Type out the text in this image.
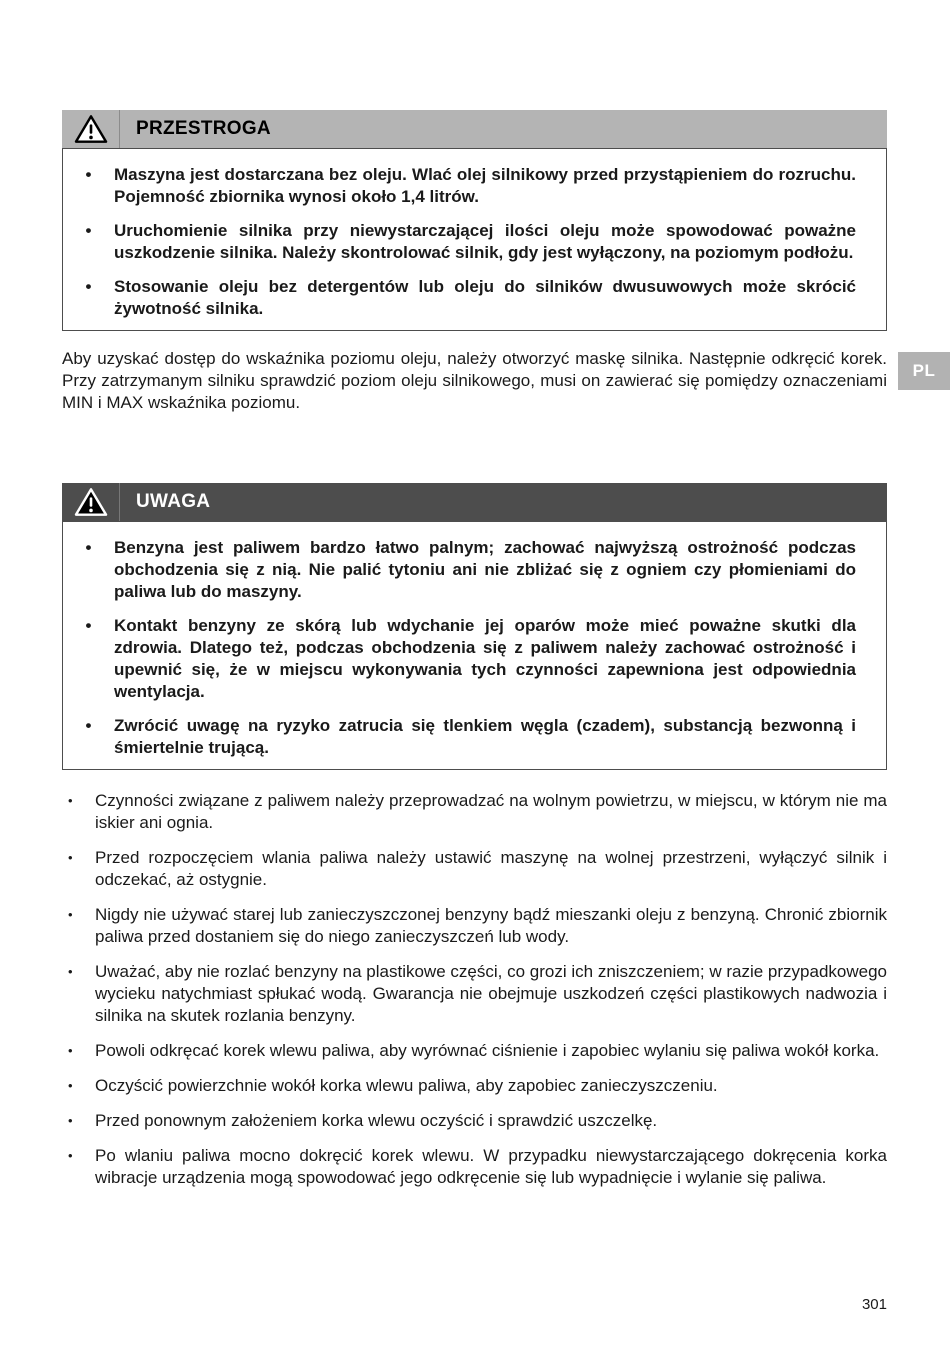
PRZESTROGA
•	Maszyna jest dostarczana bez oleju. Wlać olej silnikowy przed przystąpieniem do rozruchu. Pojemność zbiornika wynosi około 1,4 litrów.

•	Uruchomienie silnika przy niewystarczającej ilości oleju może spowodować poważne uszkodzenie silnika. Należy skontrolować silnik, gdy jest wyłączony, na poziomym podłożu.

•	Stosowanie oleju bez detergentów lub oleju do silników dwusuwowych może skrócić żywotność silnika.

Aby uzyskać dostęp do wskaźnika poziomu oleju, należy otworzyć maskę silnika. Następnie odkręcić korek. Przy zatrzymanym silniku sprawdzić poziom oleju silnikowego, musi on zawierać się pomiędzy oznaczeniami MIN i MAX wskaźnika poziomu.

UWAGA
•	Benzyna jest paliwem bardzo łatwo palnym; zachować najwyższą ostrożność podczas obchodzenia się z nią. Nie palić tytoniu ani nie zbliżać się z ogniem czy płomieniami do paliwa lub do maszyny.

•	Kontakt benzyny ze skórą lub wdychanie jej oparów może mieć poważne skutki dla zdrowia. Dlatego też, podczas obchodzenia się z paliwem należy zachować ostrożność i upewnić się, że w miejscu wykonywania tych czynności zapewniona jest odpowiednia wentylacja.

•	Zwrócić uwagę na ryzyko zatrucia się tlenkiem węgla (czadem), substancją bezwonną i śmiertelnie trującą.

•	Czynności związane z paliwem należy przeprowadzać na wolnym powietrzu, w miejscu, w którym nie ma iskier ani ognia.

•	Przed rozpoczęciem wlania paliwa należy ustawić maszynę na wolnej przestrzeni, wyłączyć silnik i odczekać, aż ostygnie.

•	Nigdy nie używać starej lub zanieczyszczonej benzyny bądź mieszanki oleju z benzyną. Chronić zbiornik paliwa przed dostaniem się do niego zanieczyszczeń lub wody.

•	Uważać, aby nie rozlać benzyny na plastikowe części, co grozi ich zniszczeniem; w razie przypadkowego wycieku natychmiast spłukać wodą. Gwarancja nie obejmuje uszkodzeń części plastikowych nadwozia i silnika na skutek rozlania benzyny.

•	Powoli odkręcać korek wlewu paliwa, aby wyrównać ciśnienie i zapobiec wylaniu się paliwa wokół korka.

•	Oczyścić powierzchnie wokół korka wlewu paliwa, aby zapobiec zanieczyszczeniu.

•	Przed ponownym założeniem korka wlewu oczyścić i sprawdzić uszczelkę.

•	Po wlaniu paliwa mocno dokręcić korek wlewu. W przypadku niewystarczającego dokręcenia korka wibracje urządzenia mogą spowodować jego odkręcenie się lub wypadnięcie i wylanie się paliwa.

PL
301
